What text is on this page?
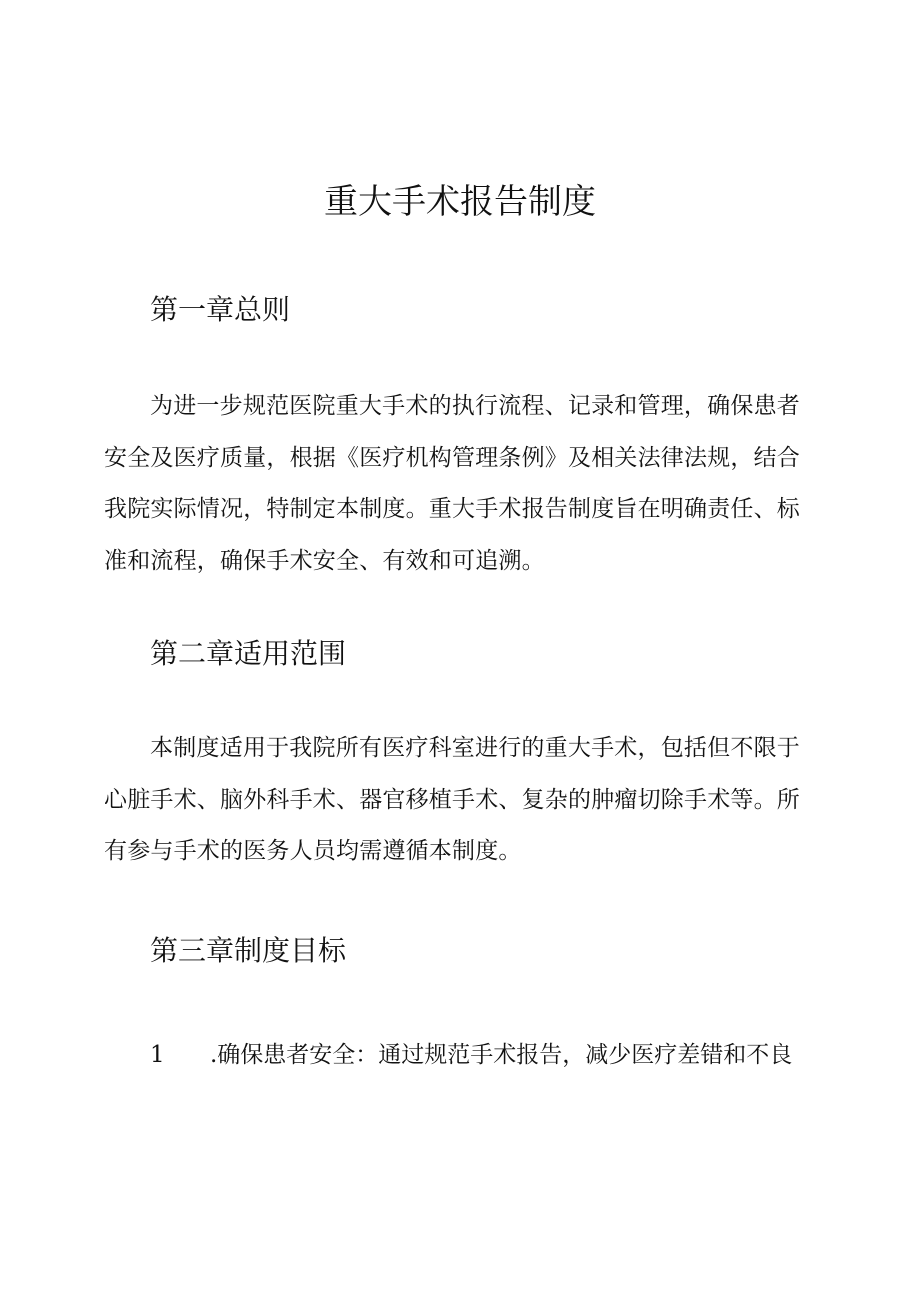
重大手术报告制度
第一章总则

为进一步规范医院重大手术的执行流程、记录和管理，确保患者安全及医疗质量，根据《医疗机构管理条例》及相关法律法规，结合我院实际情况，特制定本制度。重大手术报告制度旨在明确责任、标准和流程，确保手术安全、有效和可追溯。

第二章适用范围

本制度适用于我院所有医疗科室进行的重大手术，包括但不限于心脏手术、脑外科手术、器官移植手术、复杂的肿瘤切除手术等。所有参与手术的医务人员均需遵循本制度。

第三章制度目标
1 .确保患者安全：通过规范手术报告，减少医疗差错和不良
